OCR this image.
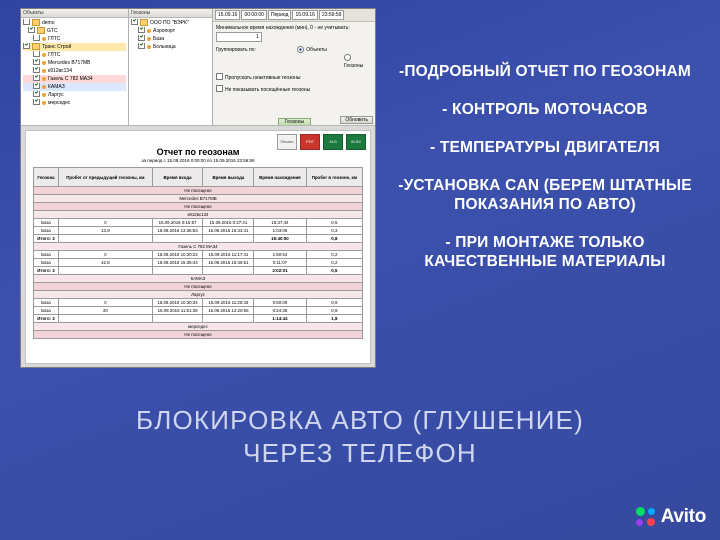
Объекты
demo
GTC
ГЛТС
Транс Строй
ГЛТС
Mercedes B717MB
к912вс134
Газель С 782 МА34
КАМАЗ
Ларгус
мерседес
Геозоны
ООО ПО "ВЭРК"
Аэропорт
База
Больница
15.09.16	00:00:00	Период	15.09.16	23:59:59
Минимальное время нахождения (мин), 0 - не учитывать: 1
Группировать по:	Объекты
Геозоны
Пропускать неактивные геозоны
Не показывать посещённые геозоны
Геозоны	Обновить
Печать	PDF	XLS	XLSX
Отчет по геозонам
за период с 15.09.2016 0:00:00 по 15.09.2016 23:59:59
Геозона	Пробег от предыдущей геозоны, км	Время входа	Время выхода	Время нахождения	Пробег в геозоне, км
Не посещено					
Mercedes B717MB					
Не посещено					
к912вс134					
База	0	15.09.2016 0:15:57	15.09.2016 0:27:41	15:37:44	0,5
База	13,9	15.09.2016 13:36:53	15.09.2016 16:33:41	1:03:06	0,3
Итого: 2				16:40:50	0,8
Газель С 782 МА34					
База	0	15.09.2016 10:20:22	15.09.2016 11:17:41	1:50:54	0,2
База	42,8	15.09.2016 15:35:44	15.09.2016 15:46:51	0:11:07	0,2
Итого: 2				2:02:01	0,5
КАМАЗ					
Не посещено					
Ларгус					
База	0	15.09.2016 10:30:34	15.09.2016 11:20:43	0:50:09	0,9
База	20	15.09.2016 11:51:38	15.09.2016 12:20:56	0:24:35	0,9
Итого: 2				1:14:44	1,8
мерседес					
Не посещено					
-ПОДРОБНЫЙ ОТЧЕТ ПО ГЕОЗОНАМ
- КОНТРОЛЬ МОТОЧАСОВ
- ТЕМПЕРАТУРЫ ДВИГАТЕЛЯ
-УСТАНОВКА CAN (БЕРЕМ ШТАТНЫЕ ПОКАЗАНИЯ ПО АВТО)
- ПРИ МОНТАЖЕ ТОЛЬКО КАЧЕСТВЕННЫЕ МАТЕРИАЛЫ
БЛОКИРОВКА АВТО (ГЛУШЕНИЕ)
ЧЕРЕЗ ТЕЛЕФОН
Avito
